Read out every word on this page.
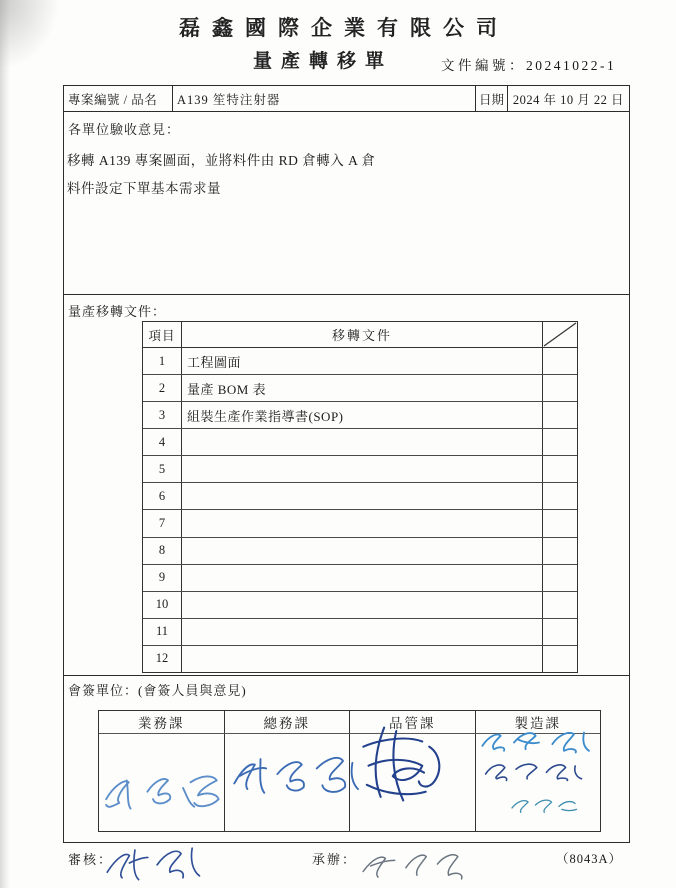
磊鑫國際企業有限公司
量產轉移單	文件編號：20241022-1
專案編號 / 品名	A139 笙特注射器	日期 2024 年 10 月 22 日
各單位驗收意見：
移轉 A139 專案圖面，並將料件由 RD 倉轉入 A 倉
料件設定下單基本需求量
量產移轉文件：
項目	移轉文件
1	工程圖面
2	量產 BOM 表
3	組裝生產作業指導書(SOP)
4
5
6
7
8
9
10
11
12
會簽單位：(會簽人員與意見)
業務課	總務課	品管課	製造課
審核：	承辦：	（8043A）
